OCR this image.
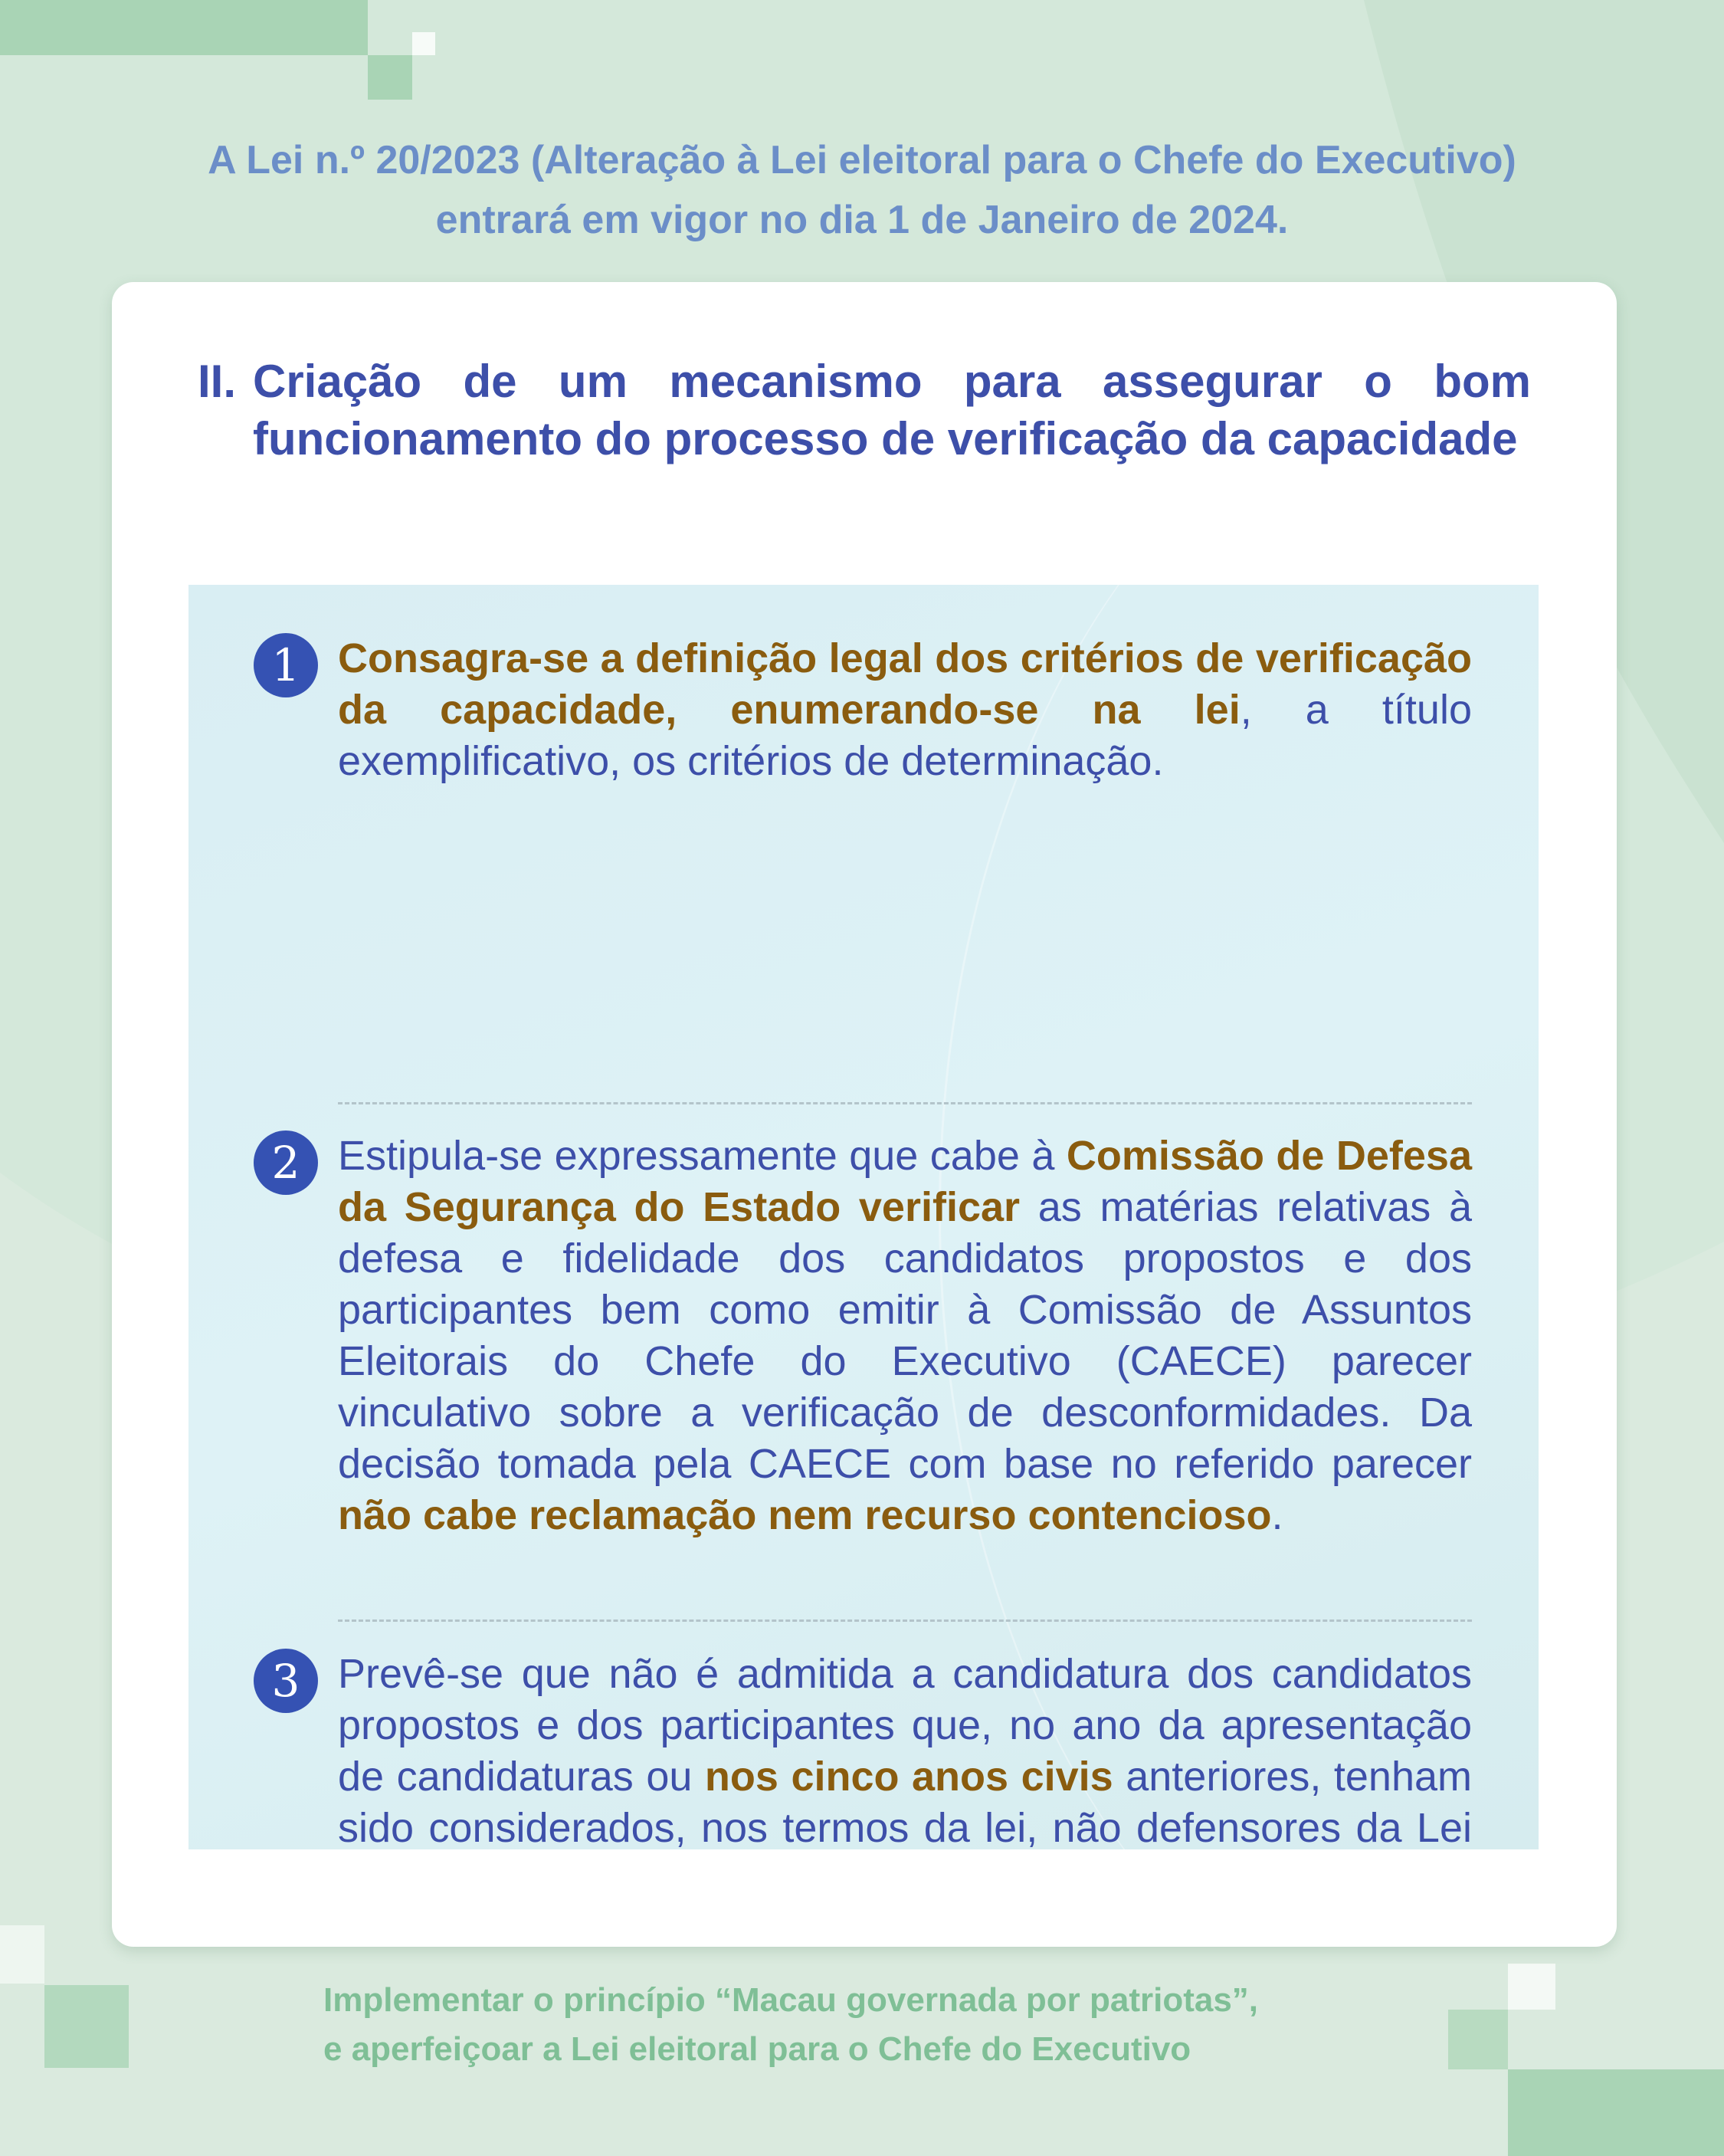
A Lei n.º 20/2023 (Alteração à Lei eleitoral para o Chefe do Executivo)
entrará em vigor no dia 1 de Janeiro de 2024.
II. Criação de um mecanismo para assegurar o bom funcionamento do processo de verificação da capacidade
1 Consagra-se a definição legal dos critérios de verificação da capacidade, enumerando-se na lei, a título exemplificativo, os critérios de determinação.
2 Estipula-se expressamente que cabe à Comissão de Defesa da Segurança do Estado verificar as matérias relativas à defesa e fidelidade dos candidatos propostos e dos participantes bem como emitir à Comissão de Assuntos Eleitorais do Chefe do Executivo (CAECE) parecer vinculativo sobre a verificação de desconformidades. Da decisão tomada pela CAECE com base no referido parecer não cabe reclamação nem recurso contencioso.
3 Prevê-se que não é admitida a candidatura dos candidatos propostos e dos participantes que, no ano da apresentação de candidaturas ou nos cinco anos civis anteriores, tenham sido considerados, nos termos da lei, não defensores da Lei
Implementar o princípio “Macau governada por patriotas”,
e aperfeiçoar a Lei eleitoral para o Chefe do Executivo
